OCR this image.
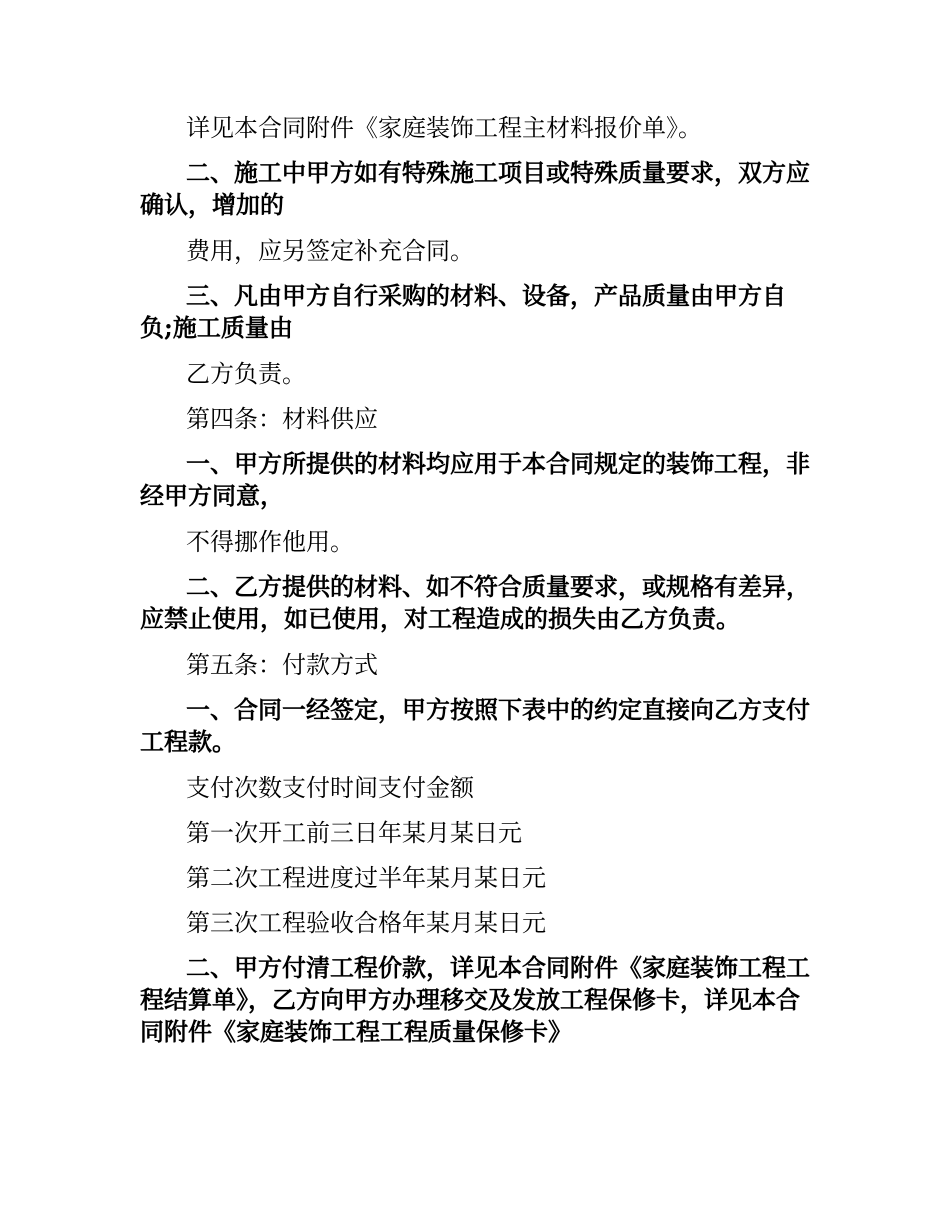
详见本合同附件《家庭装饰工程主材料报价单》。

二、施工中甲方如有特殊施工项目或特殊质量要求，双方应确认，增加的

费用，应另签定补充合同。

三、凡由甲方自行采购的材料、设备，产品质量由甲方自负;施工质量由

乙方负责。

第四条：材料供应

一、甲方所提供的材料均应用于本合同规定的装饰工程，非经甲方同意，

不得挪作他用。

二、乙方提供的材料、如不符合质量要求，或规格有差异，应禁止使用，如已使用，对工程造成的损失由乙方负责。

第五条：付款方式

一、合同一经签定，甲方按照下表中的约定直接向乙方支付工程款。

支付次数支付时间支付金额

第一次开工前三日年某月某日元

第二次工程进度过半年某月某日元

第三次工程验收合格年某月某日元

二、甲方付清工程价款，详见本合同附件《家庭装饰工程工程结算单》，乙方向甲方办理移交及发放工程保修卡，详见本合同附件《家庭装饰工程工程质量保修卡》
